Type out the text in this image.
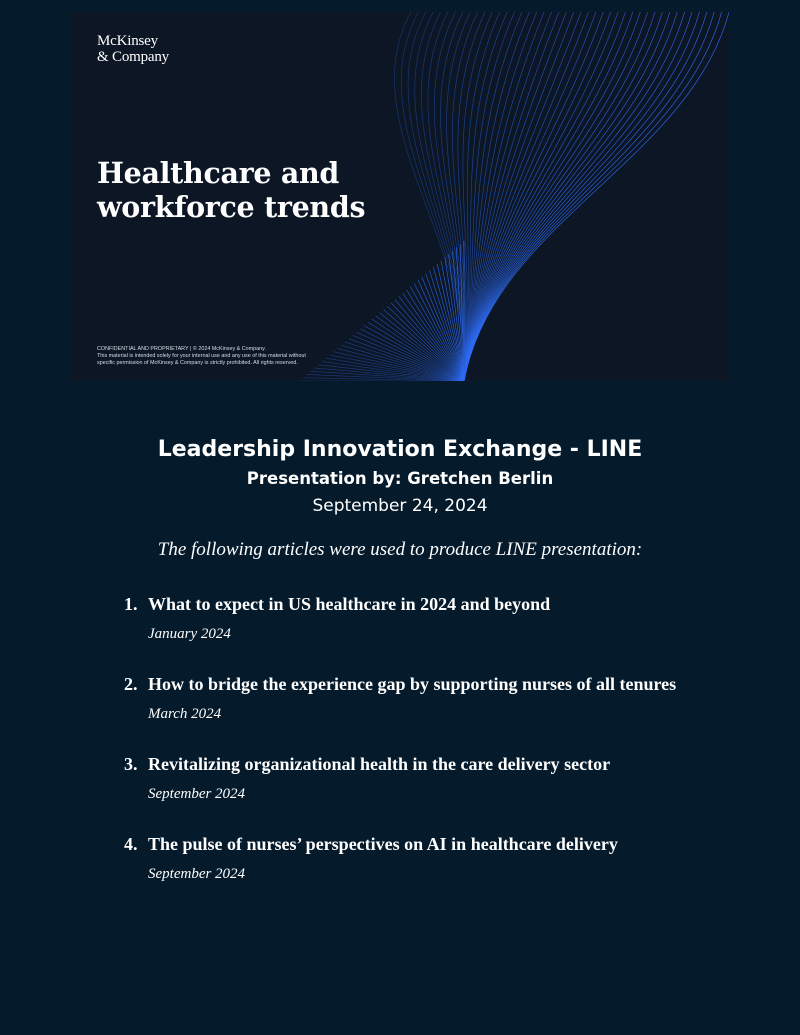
McKinsey
& Company
Healthcare and
workforce trends
CONFIDENTIAL AND PROPRIETARY | © 2024 McKinsey & Company.
This material is intended solely for your internal use and any use of this material without
specific permission of McKinsey & Company is strictly prohibited. All rights reserved.
Leadership Innovation Exchange - LINE
Presentation by: Gretchen Berlin
September 24, 2024
The following articles were used to produce LINE presentation:
1. What to expect in US healthcare in 2024 and beyond
January 2024
2. How to bridge the experience gap by supporting nurses of all tenures
March 2024
3. Revitalizing organizational health in the care delivery sector
September 2024
4. The pulse of nurses’ perspectives on AI in healthcare delivery
September 2024
